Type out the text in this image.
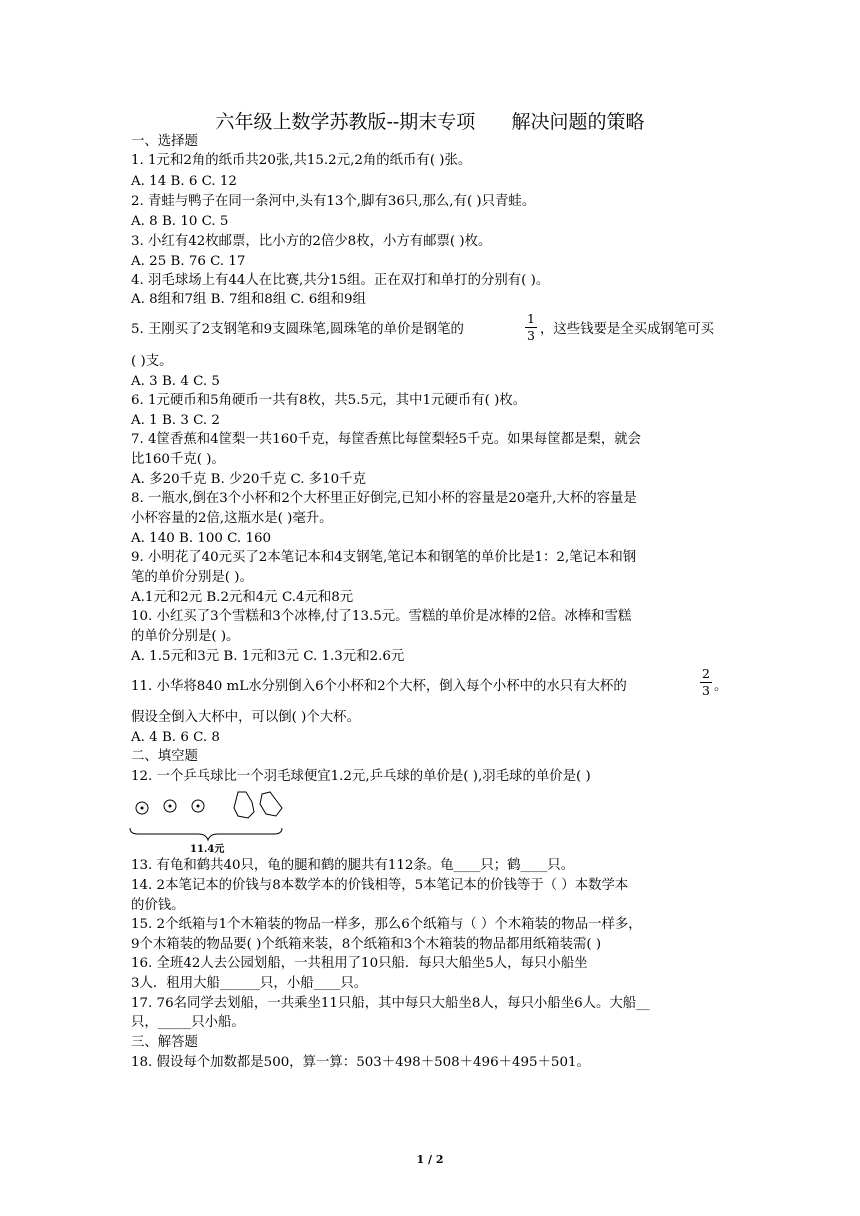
六年级上数学苏教版--期末专项      解决问题的策略
一、选择题
1. 1元和2角的纸币共20张,共15.2元,2角的纸币有( )张。
A. 14 B. 6 C. 12
2. 青蛙与鸭子在同一条河中,头有13个,脚有36只,那么,有( )只青蛙。
A. 8 B. 10 C. 5
3. 小红有42枚邮票，比小方的2倍少8枚，小方有邮票( )枚。
A. 25 B. 76 C. 17
4. 羽毛球场上有44人在比赛,共分15组。正在双打和单打的分别有( )。
A. 8组和7组 B. 7组和8组 C. 6组和9组
5. 王刚买了2支钢笔和9支圆珠笔,圆珠笔的单价是钢笔的
1
3 ，这些钱要是全买成钢笔可买
( )支。
A. 3 B. 4 C. 5
6. 1元硬币和5角硬币一共有8枚，共5.5元，其中1元硬币有( )枚。
A. 1 B. 3 C. 2
7. 4筐香蕉和4筐梨一共160千克，每筐香蕉比每筐梨轻5千克。如果每筐都是梨，就会
比160千克( )。
A. 多20千克 B. 少20千克 C. 多10千克
8. 一瓶水,倒在3个小杯和2个大杯里正好倒完,已知小杯的容量是20毫升,大杯的容量是
小杯容量的2倍,这瓶水是( )毫升。
A. 140 B. 100 C. 160
9. 小明花了40元买了2本笔记本和4支钢笔,笔记本和钢笔的单价比是1：2,笔记本和钢
笔的单价分别是( )。
A.1元和2元 B.2元和4元 C.4元和8元
10. 小红买了3个雪糕和3个冰棒,付了13.5元。雪糕的单价是冰棒的2倍。冰棒和雪糕
的单价分别是( )。
A. 1.5元和3元 B. 1元和3元 C. 1.3元和2.6元
11. 小华将840 mL水分别倒入6个小杯和2个大杯，倒入每个小杯中的水只有大杯的
2
3 。
假设全倒入大杯中，可以倒( )个大杯。
A. 4 B. 6 C. 8
二、填空题
12. 一个乒乓球比一个羽毛球便宜1.2元,乒乓球的单价是( ),羽毛球的单价是( )
11.4元
13. 有龟和鹤共40只，龟的腿和鹤的腿共有112条。龟____只；鹤____只。
14. 2本笔记本的价钱与8本数学本的价钱相等，5本笔记本的价钱等于（ ）本数学本
的价钱。
15. 2个纸箱与1个木箱装的物品一样多，那么6个纸箱与（ ）个木箱装的物品一样多，
9个木箱装的物品要( )个纸箱来装，8个纸箱和3个木箱装的物品都用纸箱装需( )
16. 全班42人去公园划船，一共租用了10只船．每只大船坐5人，每只小船坐
3人．租用大船______只，小船____只。
17. 76名同学去划船，一共乘坐11只船，其中每只大船坐8人，每只小船坐6人。大船__
只，_____只小船。
三、解答题
18. 假设每个加数都是500，算一算：503＋498＋508＋496＋495＋501。
1 / 2
